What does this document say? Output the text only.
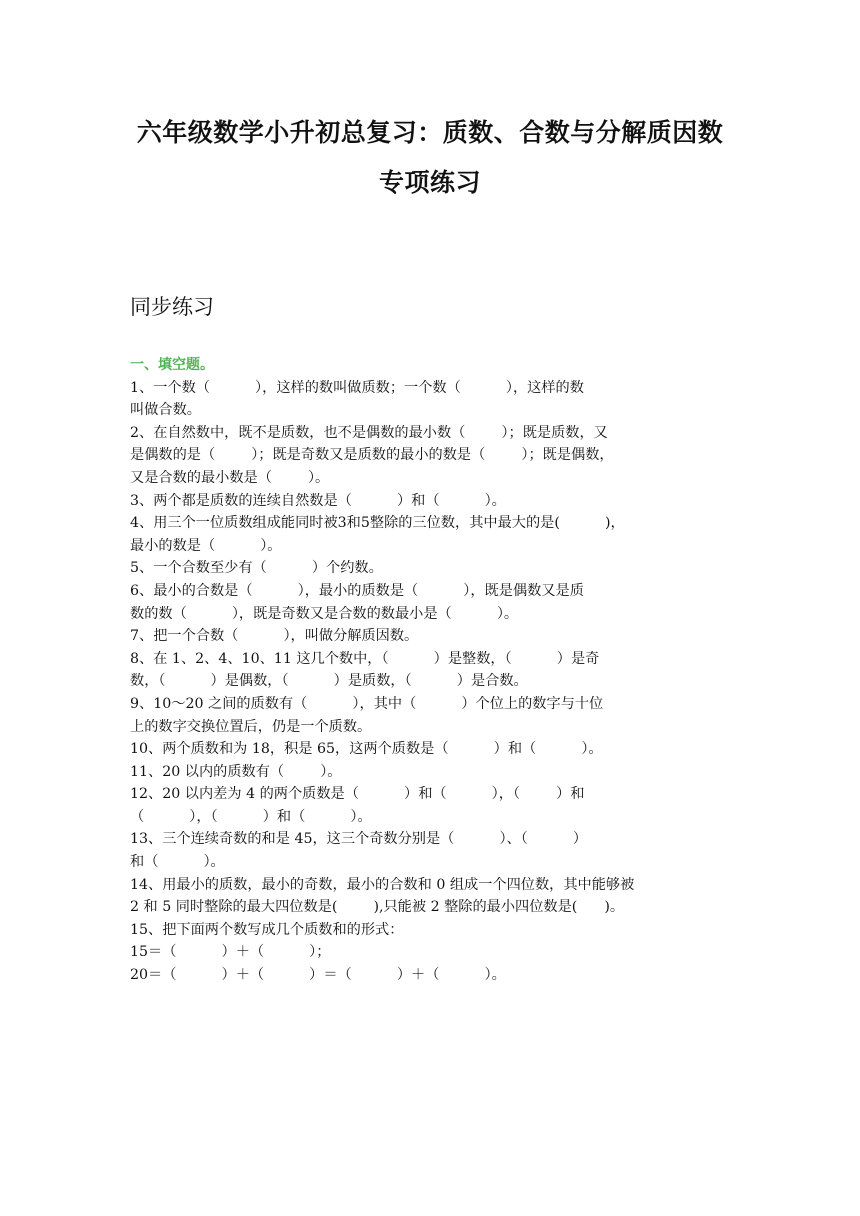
六年级数学小升初总复习：质数、合数与分解质因数
专项练习
同步练习
一、填空题。
1、一个数（          ），这样的数叫做质数；一个数（          ），这样的数
叫做合数。
2、在自然数中，既不是质数，也不是偶数的最小数（        ）；既是质数，又
是偶数的是（        ）；既是奇数又是质数的最小的数是（        ）；既是偶数，
又是合数的最小数是（        ）。
3、两个都是质数的连续自然数是（          ）和（          ）。
4、用三个一位质数组成能同时被3和5整除的三位数，其中最大的是(          )，
最小的数是（          ）。
5、一个合数至少有（          ）个约数。
6、最小的合数是（          ），最小的质数是（          ），既是偶数又是质
数的数（          ），既是奇数又是合数的数最小是（          ）。
7、把一个合数（          ），叫做分解质因数。
8、在 1、2、4、10、11 这几个数中，（          ）是整数，（          ）是奇
数，（          ）是偶数，（          ）是质数，（          ）是合数。
9、10～20 之间的质数有（          ），其中（          ）个位上的数字与十位
上的数字交换位置后，仍是一个质数。
10、两个质数和为 18，积是 65，这两个质数是（          ）和（          ）。
11、20 以内的质数有（        ）。
12、20 以内差为 4 的两个质数是（          ）和（          ），（        ）和
（          ），（          ）和（          ）。
13、三个连续奇数的和是 45，这三个奇数分别是（          ）、（          ）
和（          ）。
14、用最小的质数，最小的奇数，最小的合数和 0 组成一个四位数，其中能够被
2 和 5 同时整除的最大四位数是(        ),只能被 2 整除的最小四位数是(      )。
15、把下面两个数写成几个质数和的形式：
15＝（          ）＋（          ）；
20＝（          ）＋（          ）＝（          ）＋（          ）。
